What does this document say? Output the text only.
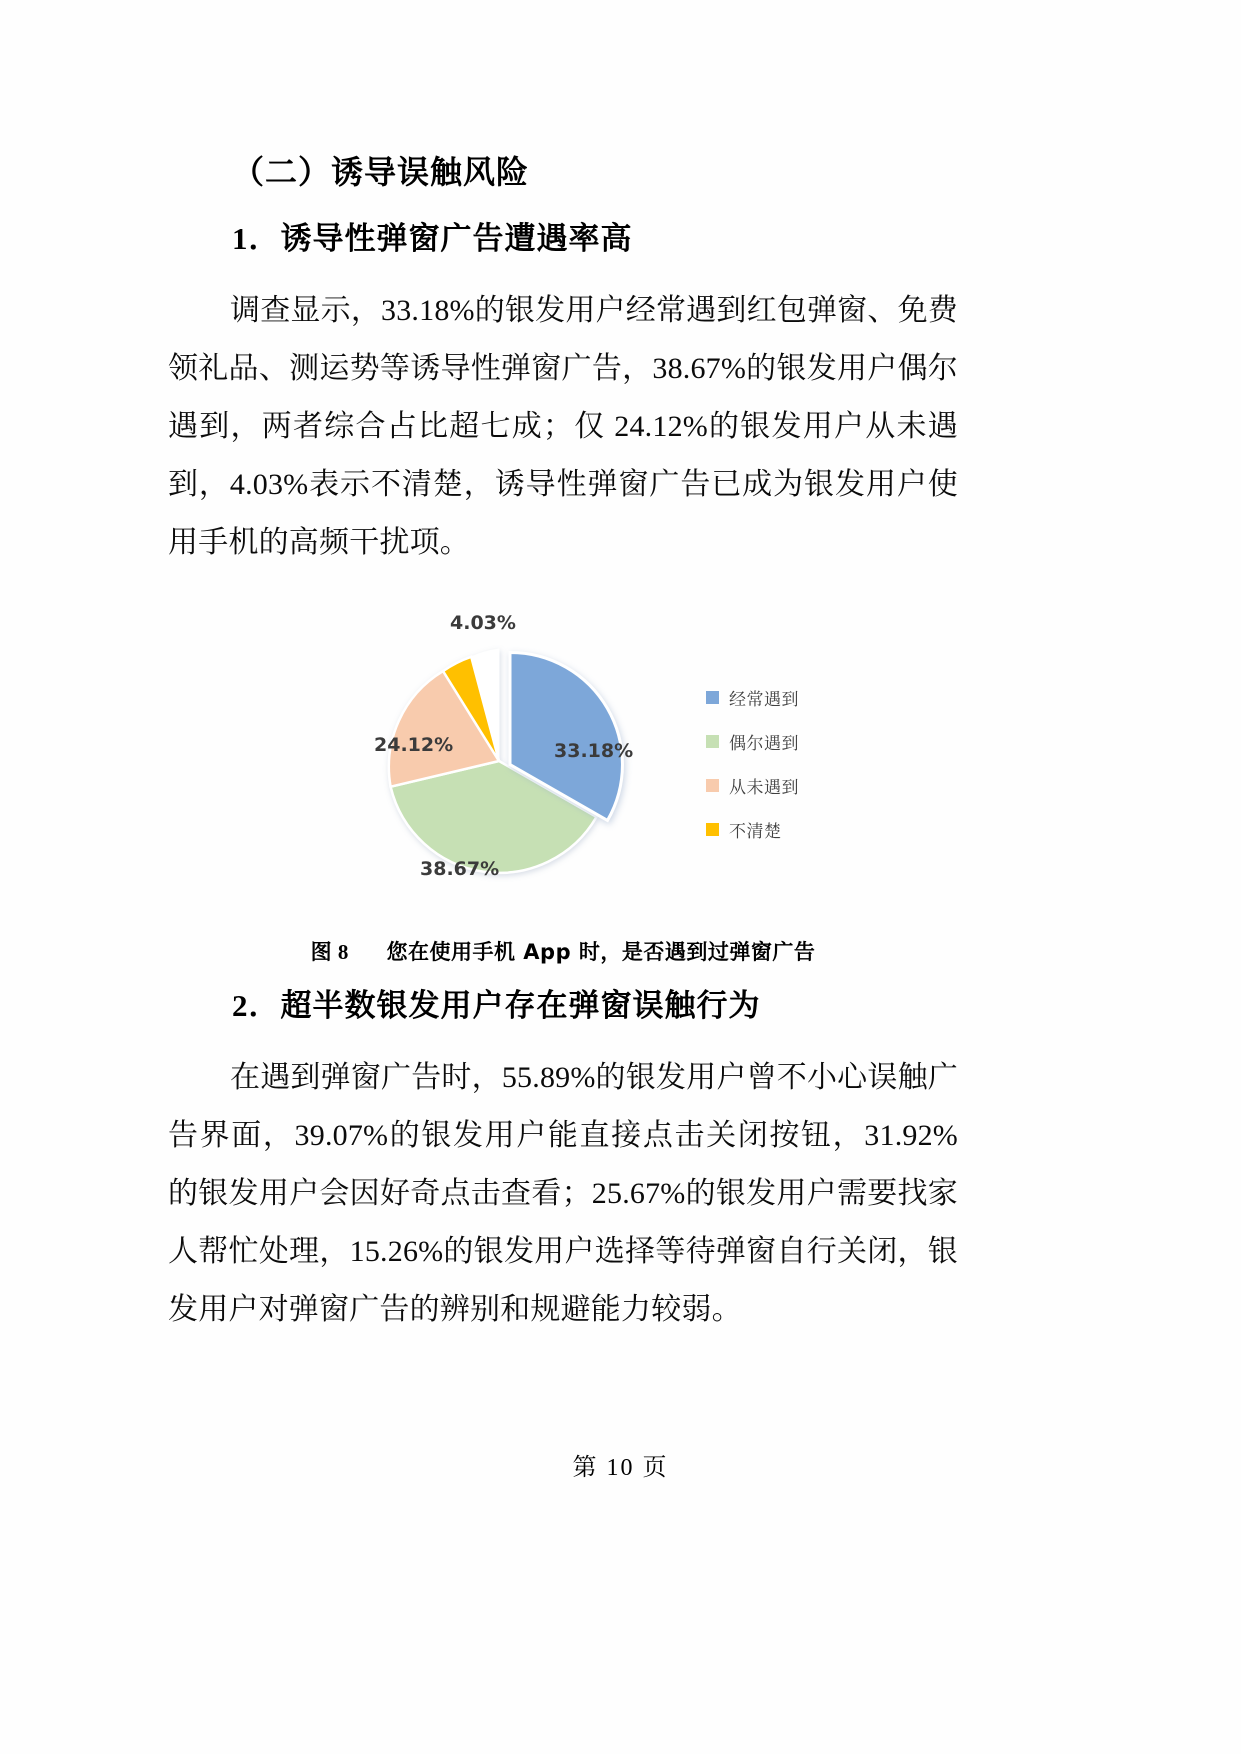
（二）诱导误触风险
1．诱导性弹窗广告遭遇率高

调查显示，33.18%的银发用户经常遇到红包弹窗、免费领礼品、测运势等诱导性弹窗广告，38.67%的银发用户偶尔遇到，两者综合占比超七成；仅 24.12%的银发用户从未遇到，4.03%表示不清楚，诱导性弹窗广告已成为银发用户使用手机的高频干扰项。

33.18%
38.67%
24.12%
4.03%
经常遇到
偶尔遇到
从未遇到
不清楚
图 8 您在使用手机 App 时，是否遇到过弹窗广告
2．超半数银发用户存在弹窗误触行为

在遇到弹窗广告时，55.89%的银发用户曾不小心误触广告界面，39.07%的银发用户能直接点击关闭按钮，31.92%的银发用户会因好奇点击查看；25.67%的银发用户需要找家人帮忙处理，15.26%的银发用户选择等待弹窗自行关闭，银发用户对弹窗广告的辨别和规避能力较弱。

第 10 页
